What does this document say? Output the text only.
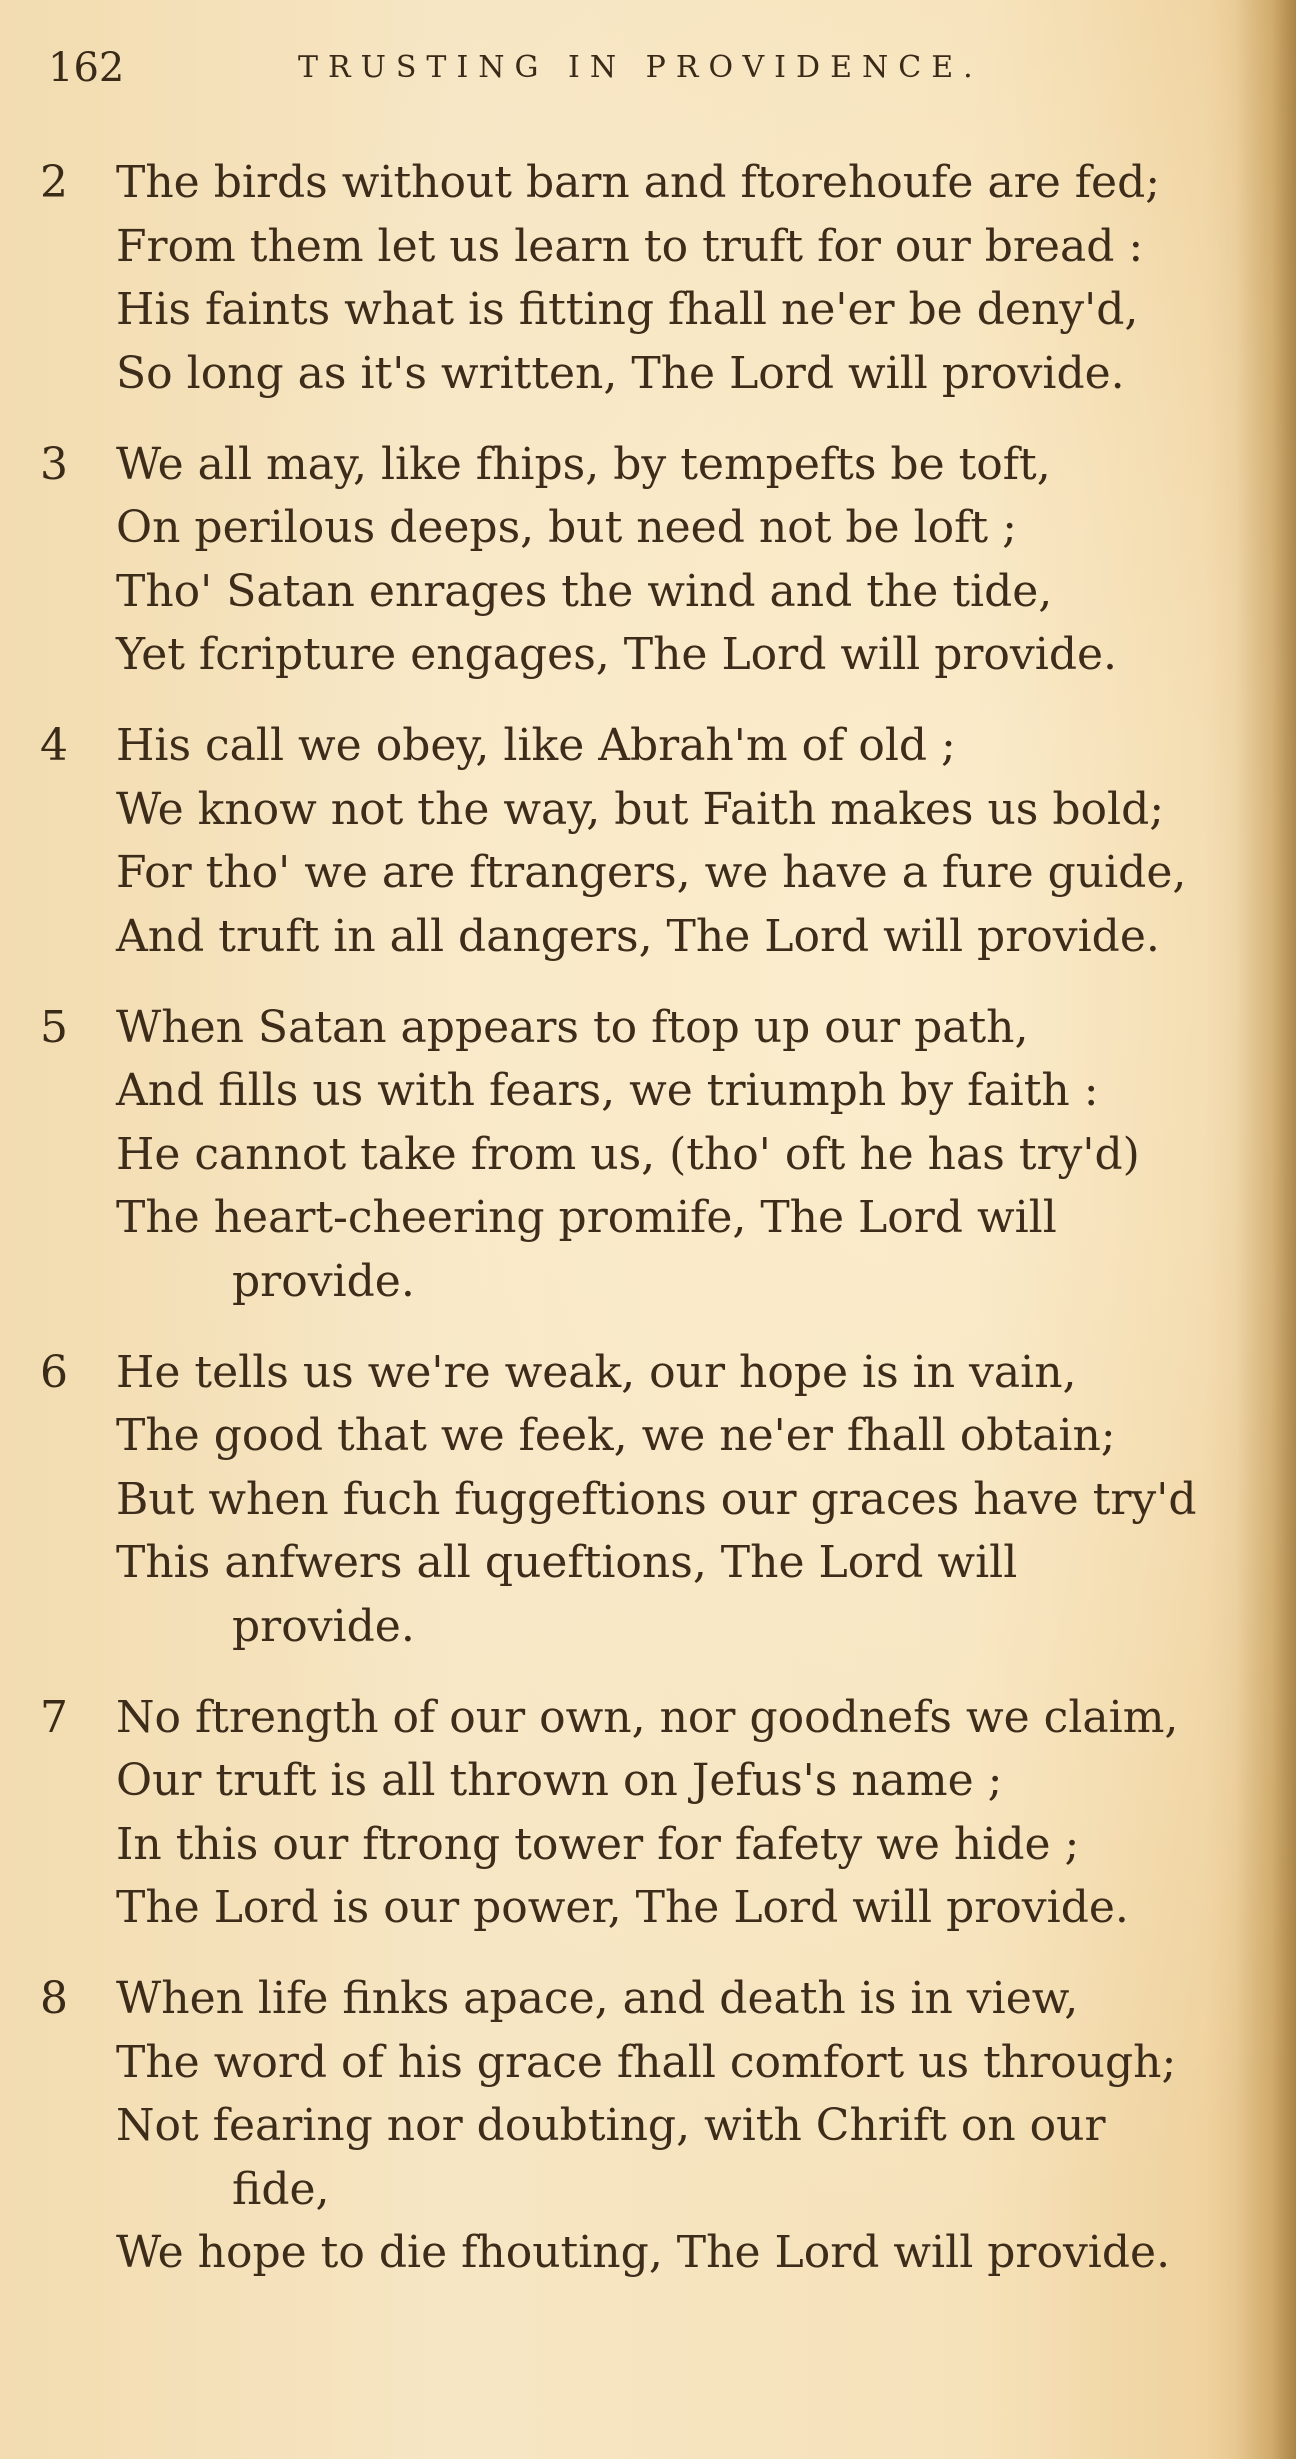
162	TRUSTING IN PROVIDENCE.
2 The birds without barn and ftorehoufe are fed;
From them let us learn to truft for our bread :
His faints what is fitting fhall ne'er be deny'd,
So long as it's written, The Lord will provide.
3 We all may, like fhips, by tempefts be toft,
On perilous deeps, but need not be loft ;
Tho' Satan enrages the wind and the tide,
Yet fcripture engages, The Lord will provide.
4 His call we obey, like Abrah'm of old ;
We know not the way, but Faith makes us bold;
For tho' we are ftrangers, we have a fure guide,
And truft in all dangers, The Lord will provide.
5 When Satan appears to ftop up our path,
And fills us with fears, we triumph by faith :
He cannot take from us, (tho' oft he has try'd)
The heart-cheering promife, The Lord will
provide.
6 He tells us we're weak, our hope is in vain,
The good that we feek, we ne'er fhall obtain;
But when fuch fuggeftions our graces have try'd
This anfwers all queftions, The Lord will
provide.
7 No ftrength of our own, nor goodnefs we claim,
Our truft is all thrown on Jefus's name ;
In this our ftrong tower for fafety we hide ;
The Lord is our power, The Lord will provide.
8 When life finks apace, and death is in view,
The word of his grace fhall comfort us through;
Not fearing nor doubting, with Chrift on our
fide,
We hope to die fhouting, The Lord will provide.
